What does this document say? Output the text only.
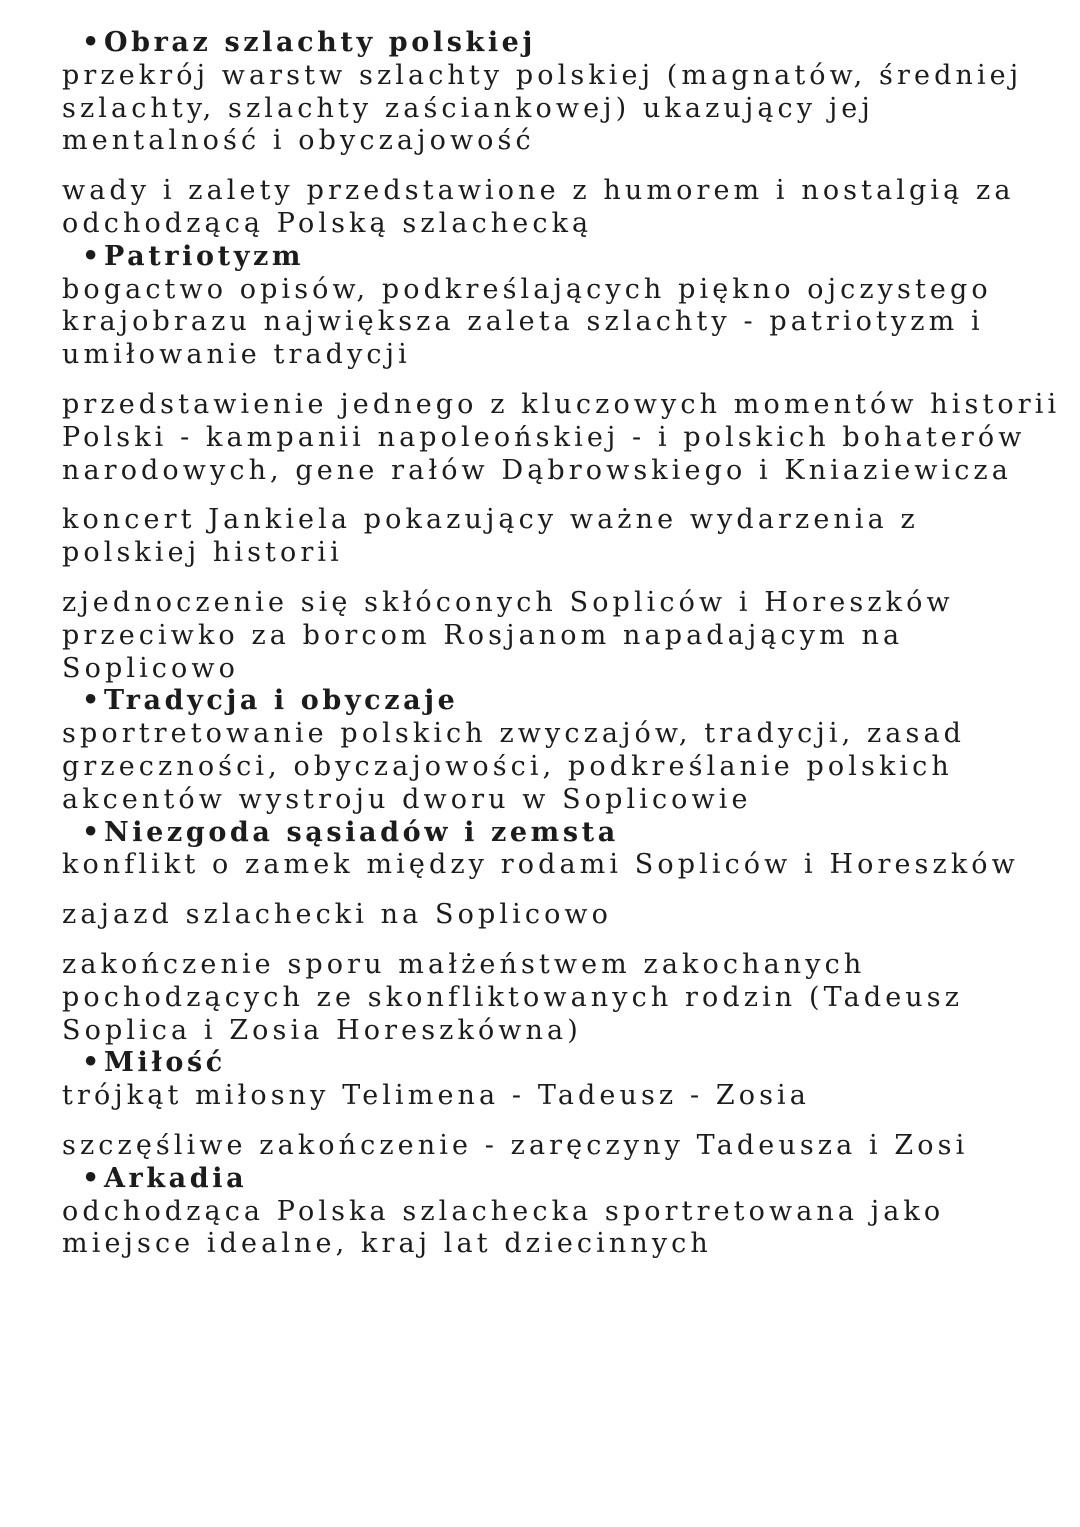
•Obraz szlachty polskiej
przekrój warstw szlachty polskiej (magnatów, średniej
szlachty, szlachty zaściankowej) ukazujący jej
mentalność i obyczajowość
wady i zalety przedstawione z humorem i nostalgią za
odchodzącą Polską szlachecką
•Patriotyzm
bogactwo opisów, podkreślających piękno ojczystego
krajobrazu największa zaleta szlachty - patriotyzm i
umiłowanie tradycji
przedstawienie jednego z kluczowych momentów historii
Polski - kampanii napoleońskiej - i polskich bohaterów
narodowych, gene rałów Dąbrowskiego i Kniaziewicza
koncert Jankiela pokazujący ważne wydarzenia z
polskiej historii
zjednoczenie się skłóconych Sopliców i Horeszków
przeciwko za borcom Rosjanom napadającym na
Soplicowo
•Tradycja i obyczaje
sportretowanie polskich zwyczajów, tradycji, zasad
grzeczności, obyczajowości, podkreślanie polskich
akcentów wystroju dworu w Soplicowie
•Niezgoda sąsiadów i zemsta
konflikt o zamek między rodami Sopliców i Horeszków
zajazd szlachecki na Soplicowo
zakończenie sporu małżeństwem zakochanych
pochodzących ze skonfliktowanych rodzin (Tadeusz
Soplica i Zosia Horeszkówna)
•Miłość
trójkąt miłosny Telimena - Tadeusz - Zosia
szczęśliwe zakończenie - zaręczyny Tadeusza i Zosi
•Arkadia
odchodząca Polska szlachecka sportretowana jako
miejsce idealne, kraj lat dziecinnych
